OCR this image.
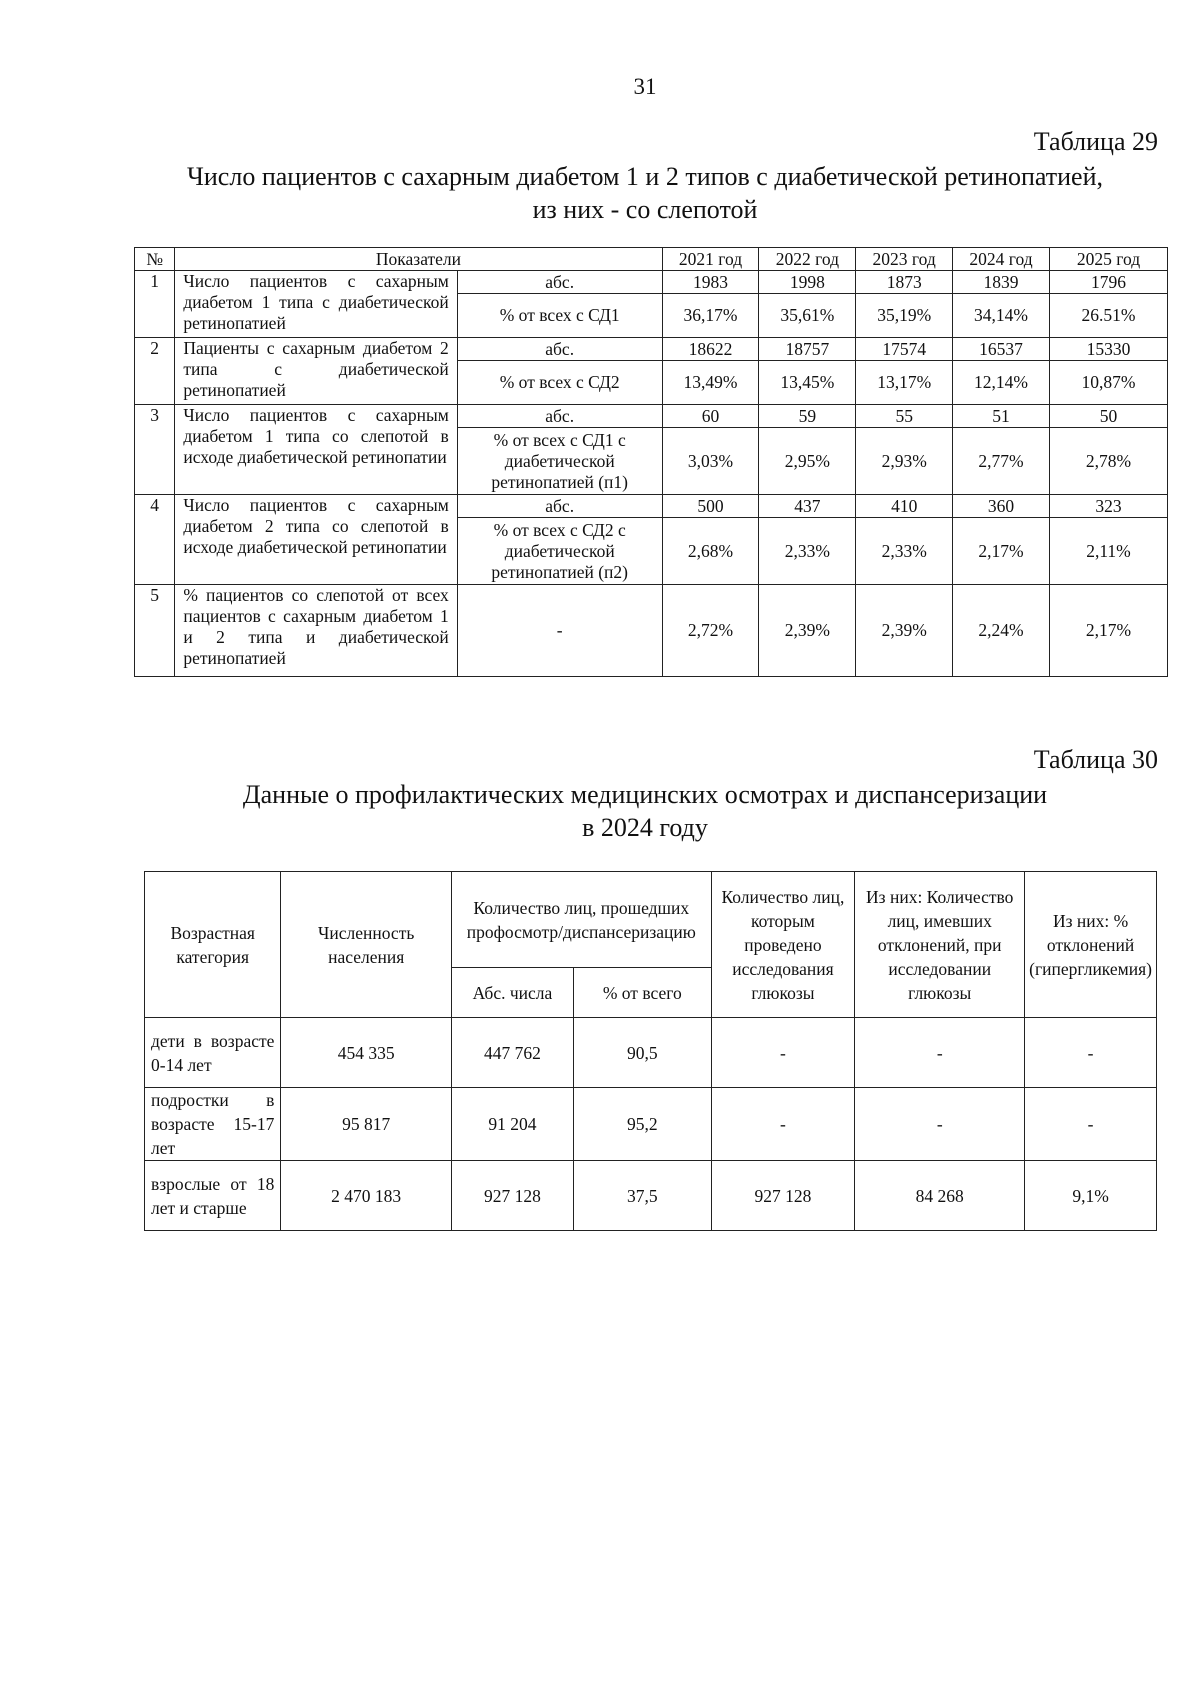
31
Таблица 29
Число пациентов с сахарным диабетом 1 и 2 типов с диабетической ретинопатией,
из них - со слепотой
№	Показатели		2021 год	2022 год	2023 год	2024 год	2025 год
1	Число пациентов с сахарным диабетом 1 типа с диабетической ретинопатией	абс.	1983	1998	1873	1839	1796
		% от всех с СД1	36,17%	35,61%	35,19%	34,14%	26.51%
2	Пациенты с сахарным диабетом 2 типа с диабетической ретинопатией	абс.	18622	18757	17574	16537	15330
		% от всех с СД2	13,49%	13,45%	13,17%	12,14%	10,87%
3	Число пациентов с сахарным диабетом 1 типа со слепотой в исходе диабетической ретинопатии	абс.	60	59	55	51	50
		% от всех с СД1 с диабетической ретинопатией (п1)	3,03%	2,95%	2,93%	2,77%	2,78%
4	Число пациентов с сахарным диабетом 2 типа со слепотой в исходе диабетической ретинопатии	абс.	500	437	410	360	323
		% от всех с СД2 с диабетической ретинопатией (п2)	2,68%	2,33%	2,33%	2,17%	2,11%
5	% пациентов со слепотой от всех пациентов с сахарным диабетом 1 и 2 типа и диабетической ретинопатией	-	2,72%	2,39%	2,39%	2,24%	2,17%
Таблица 30
Данные о профилактических медицинских осмотрах и диспансеризации
в 2024 году
Возрастная категория	Численность населения	Количество лиц, прошедших профосмотр/диспансеризацию		Количество лиц, которым проведено исследования глюкозы	Из них: Количество лиц, имевших отклонений, при исследовании глюкозы	Из них: % отклонений (гипергликемия)
		Абс. числа	% от всего			
дети в возрасте 0-14 лет	454 335	447 762	90,5	-	-	-
подростки в возрасте 15-17 лет	95 817	91 204	95,2	-	-	-
взрослые от 18 лет и старше	2 470 183	927 128	37,5	927 128	84 268	9,1%
